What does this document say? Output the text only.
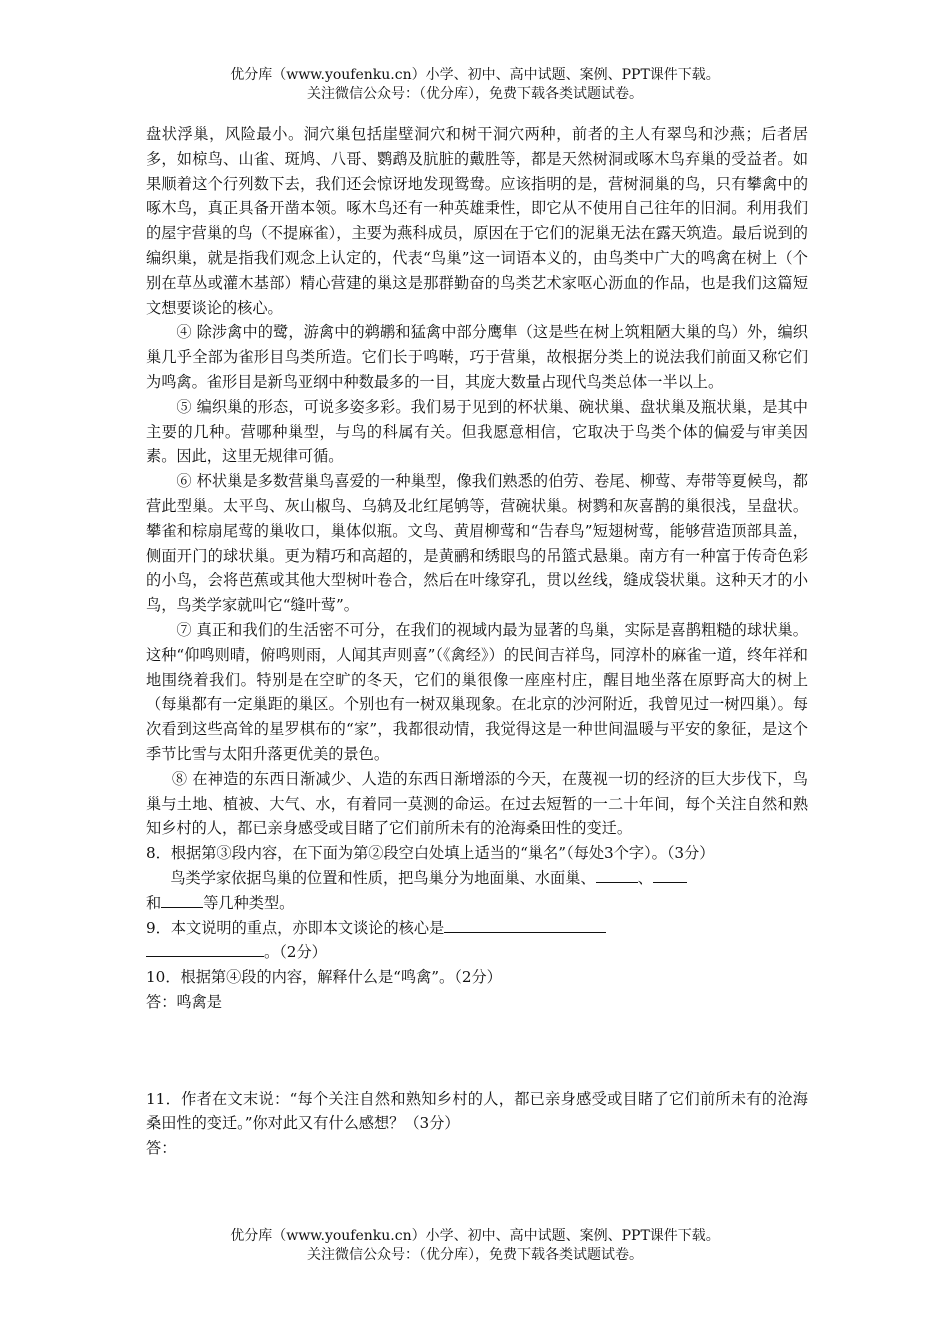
优分库（www.youfenku.cn）小学、初中、高中试题、案例、PPT课件下载。
关注微信公众号：（优分库），免费下载各类试题试卷。

盘状浮巢，风险最小。洞穴巢包括崖壁洞穴和树干洞穴两种，前者的主人有翠鸟和沙燕；后者居多，如椋鸟、山雀、斑鸠、八哥、鹦鹉及肮脏的戴胜等，都是天然树洞或啄木鸟弃巢的受益者。如果顺着这个行列数下去，我们还会惊讶地发现鸳鸯。应该指明的是，营树洞巢的鸟，只有攀禽中的啄木鸟，真正具备开凿本领。啄木鸟还有一种英雄秉性，即它从不使用自己往年的旧洞。利用我们的屋宇营巢的鸟（不提麻雀），主要为燕科成员，原因在于它们的泥巢无法在露天筑造。最后说到的编织巢，就是指我们观念上认定的，代表“鸟巢”这一词语本义的，由鸟类中广大的鸣禽在树上（个别在草丛或灌木基部）精心营建的巢这是那群勤奋的鸟类艺术家呕心沥血的作品，也是我们这篇短文想要谈论的核心。

④ 除涉禽中的鹭，游禽中的鹈鹕和猛禽中部分鹰隼（这是些在树上筑粗陋大巢的鸟）外，编织巢几乎全部为雀形目鸟类所造。它们长于鸣啭，巧于营巢，故根据分类上的说法我们前面又称它们为鸣禽。雀形目是新鸟亚纲中种数最多的一目，其庞大数量占现代鸟类总体一半以上。

⑤ 编织巢的形态，可说多姿多彩。我们易于见到的杯状巢、碗状巢、盘状巢及瓶状巢，是其中主要的几种。营哪种巢型，与鸟的科属有关。但我愿意相信，它取决于鸟类个体的偏爱与审美因素。因此，这里无规律可循。

⑥ 杯状巢是多数营巢鸟喜爱的一种巢型，像我们熟悉的伯劳、卷尾、柳莺、寿带等夏候鸟，都营此型巢。太平鸟、灰山椒鸟、乌鸫及北红尾鸲等，营碗状巢。树鹨和灰喜鹊的巢很浅，呈盘状。攀雀和棕扇尾莺的巢收口，巢体似瓶。文鸟、黄眉柳莺和“告春鸟”短翅树莺，能够营造顶部具盖，侧面开门的球状巢。更为精巧和高超的，是黄鹂和绣眼鸟的吊篮式悬巢。南方有一种富于传奇色彩的小鸟，会将芭蕉或其他大型树叶卷合，然后在叶缘穿孔，贯以丝线，缝成袋状巢。这种天才的小鸟，鸟类学家就叫它“缝叶莺”。

⑦ 真正和我们的生活密不可分，在我们的视域内最为显著的鸟巢，实际是喜鹊粗糙的球状巢。这种“仰鸣则晴，俯鸣则雨，人闻其声则喜”（《禽经》）的民间吉祥鸟，同淳朴的麻雀一道，终年祥和地围绕着我们。特别是在空旷的冬天，它们的巢很像一座座村庄，醒目地坐落在原野高大的树上（每巢都有一定巢距的巢区。个别也有一树双巢现象。在北京的沙河附近，我曾见过一树四巢）。每次看到这些高耸的星罗棋布的“家”，我都很动情，我觉得这是一种世间温暖与平安的象征，是这个季节比雪与太阳升落更优美的景色。

⑧ 在神造的东西日渐减少、人造的东西日渐增添的今天，在蔑视一切的经济的巨大步伐下，鸟巢与土地、植被、大气、水，有着同一莫测的命运。在过去短暂的一二十年间，每个关注自然和熟知乡村的人，都已亲身感受或目睹了它们前所未有的沧海桑田性的变迁。

8．根据第③段内容，在下面为第②段空白处填上适当的“巢名”（每处3个字）。（3分）

鸟类学家依据鸟巢的位置和性质，把鸟巢分为地面巢、水面巢、	、

和	等几种类型。

9．本文说明的重点，亦即本文谈论的核心是

。（2分）

10．根据第④段的内容，解释什么是“鸣禽”。（2分）

答：鸣禽是

11．作者在文末说：“每个关注自然和熟知乡村的人，都已亲身感受或目睹了它们前所未有的沧海桑田性的变迁。”你对此又有什么感想？（3分）

答：

优分库（www.youfenku.cn）小学、初中、高中试题、案例、PPT课件下载。
关注微信公众号：（优分库），免费下载各类试题试卷。
